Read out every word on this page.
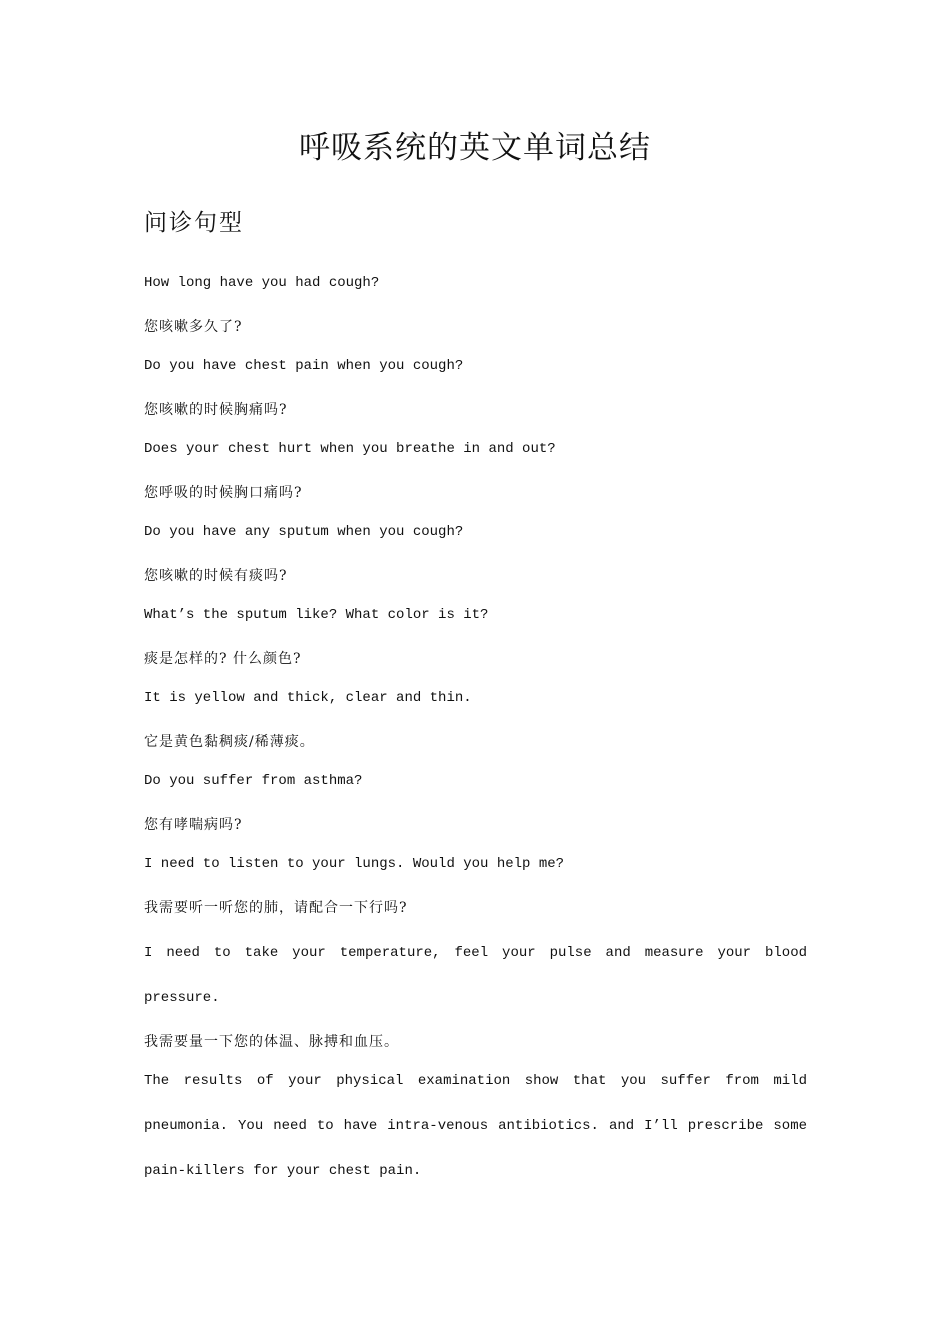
呼吸系统的英文单词总结
问诊句型

How long have you had cough?

您咳嗽多久了?

Do you have chest pain when you cough?

您咳嗽的时候胸痛吗?

Does your chest hurt when you breathe in and out?

您呼吸的时候胸口痛吗?

Do you have any sputum when you cough?

您咳嗽的时候有痰吗?

What’s the sputum like? What color is it?

痰是怎样的? 什么颜色?

It is yellow and thick, clear and thin.

它是黄色黏稠痰/稀薄痰。

Do you suffer from asthma?

您有哮喘病吗?

I need to listen to your lungs. Would you help me?

我需要听一听您的肺，请配合一下行吗?

I need to take your temperature, feel your pulse and measure your blood pressure.

我需要量一下您的体温、脉搏和血压。

The results of your physical examination show that you suffer from mild pneumonia. You need to have intra-venous antibiotics. and I’ll prescribe some pain-killers for your chest pain.
